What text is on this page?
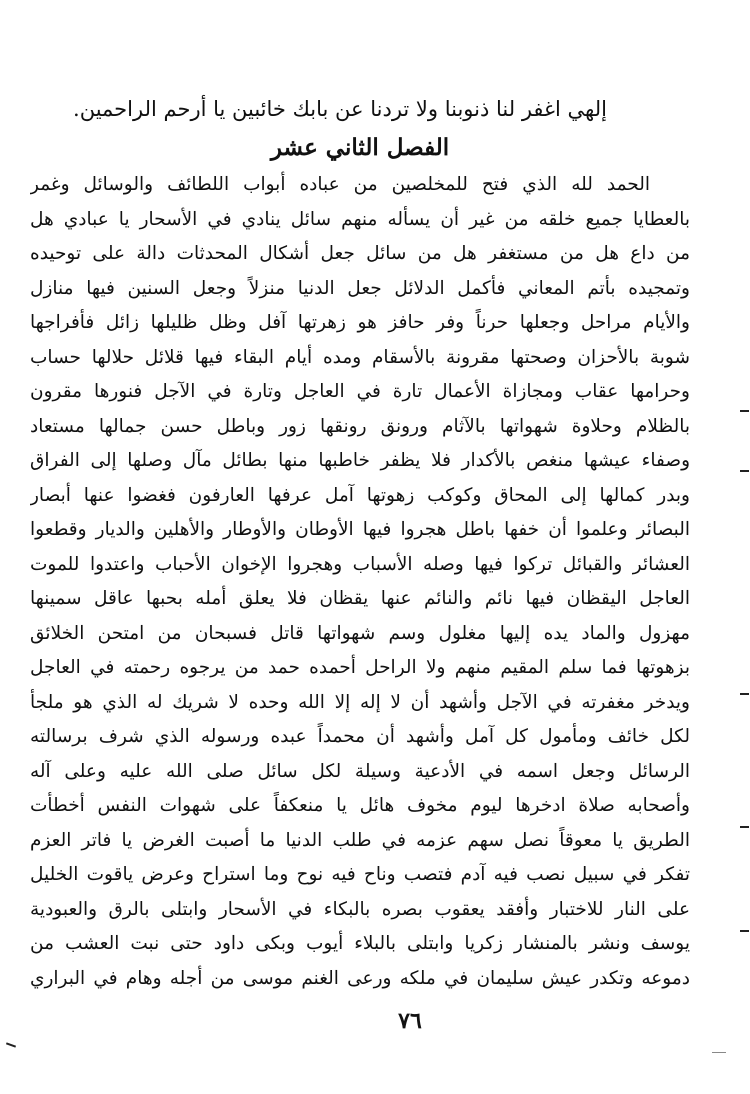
إلهي اغفر لنا ذنوبنا ولا تردنا عن بابك خائبين يا أرحم الراحمين.

الفصل الثاني عشر
الحمد لله الذي فتح للمخلصين من عباده أبواب اللطائف والوسائل وغمر
بالعطايا جميع خلقه من غير أن يسأله منهم سائل ينادي في الأسحار يا عبادي هل
من داع هل من مستغفر هل من سائل جعل أشكال المحدثات دالة على توحيده
وتمجيده بأتم المعاني فأكمل الدلائل جعل الدنيا منزلاً وجعل السنين فيها منازل
والأيام مراحل وجعلها حرناً وفر حافز هو زهرتها آفل وظل ظليلها زائل فأفراجها
شوبة بالأحزان وصحتها مقرونة بالأسقام ومده أيام البقاء فيها قلائل حلالها حساب
وحرامها عقاب ومجازاة الأعمال تارة في العاجل وتارة في الآجل فنورها مقرون
بالظلام وحلاوة شهواتها بالآثام ورونق رونقها زور وباطل حسن جمالها مستعاد
وصفاء عيشها منغص بالأكدار فلا يظفر خاطبها منها بطائل مآل وصلها إلى الفراق
وبدر كمالها إلى المحاق وكوكب زهوتها آمل عرفها العارفون فغضوا عنها أبصار
البصائر وعلموا أن خفها باطل هجروا فيها الأوطان والأوطار والأهلين والديار وقطعوا
العشائر والقبائل تركوا فيها وصله الأسباب وهجروا الإخوان الأحباب واعتدوا للموت
العاجل اليقظان فيها نائم والنائم عنها يقظان فلا يعلق أمله بحبها عاقل سمينها
مهزول والماد يده إليها مغلول وسم شهواتها قاتل فسبحان من امتحن الخلائق
بزهوتها فما سلم المقيم منهم ولا الراحل أحمده حمد من يرجوه رحمته في العاجل
ويدخر مغفرته في الآجل وأشهد أن لا إله إلا الله وحده لا شريك له الذي هو ملجأ
لكل خائف ومأمول كل آمل وأشهد أن محمداً عبده ورسوله الذي شرف برسالته
الرسائل وجعل اسمه في الأدعية وسيلة لكل سائل صلى الله عليه وعلى آله
وأصحابه صلاة ادخرها ليوم مخوف هائل يا منعكفاً على شهوات النفس أخطأت
الطريق يا معوقاً نصل سهم عزمه في طلب الدنيا ما أصبت الغرض يا فاتر العزم
تفكر في سبيل نصب فيه آدم فتصب وناح فيه نوح وما استراح وعرض ياقوت الخليل
على النار للاختبار وأفقد يعقوب بصره بالبكاء في الأسحار وابتلى بالرق والعبودية
يوسف ونشر بالمنشار زكريا وابتلى بالبلاء أيوب وبكى داود حتى نبت العشب من
دموعه وتكدر عيش سليمان في ملكه ورعى الغنم موسى من أجله وهام في البراري
٧٦
